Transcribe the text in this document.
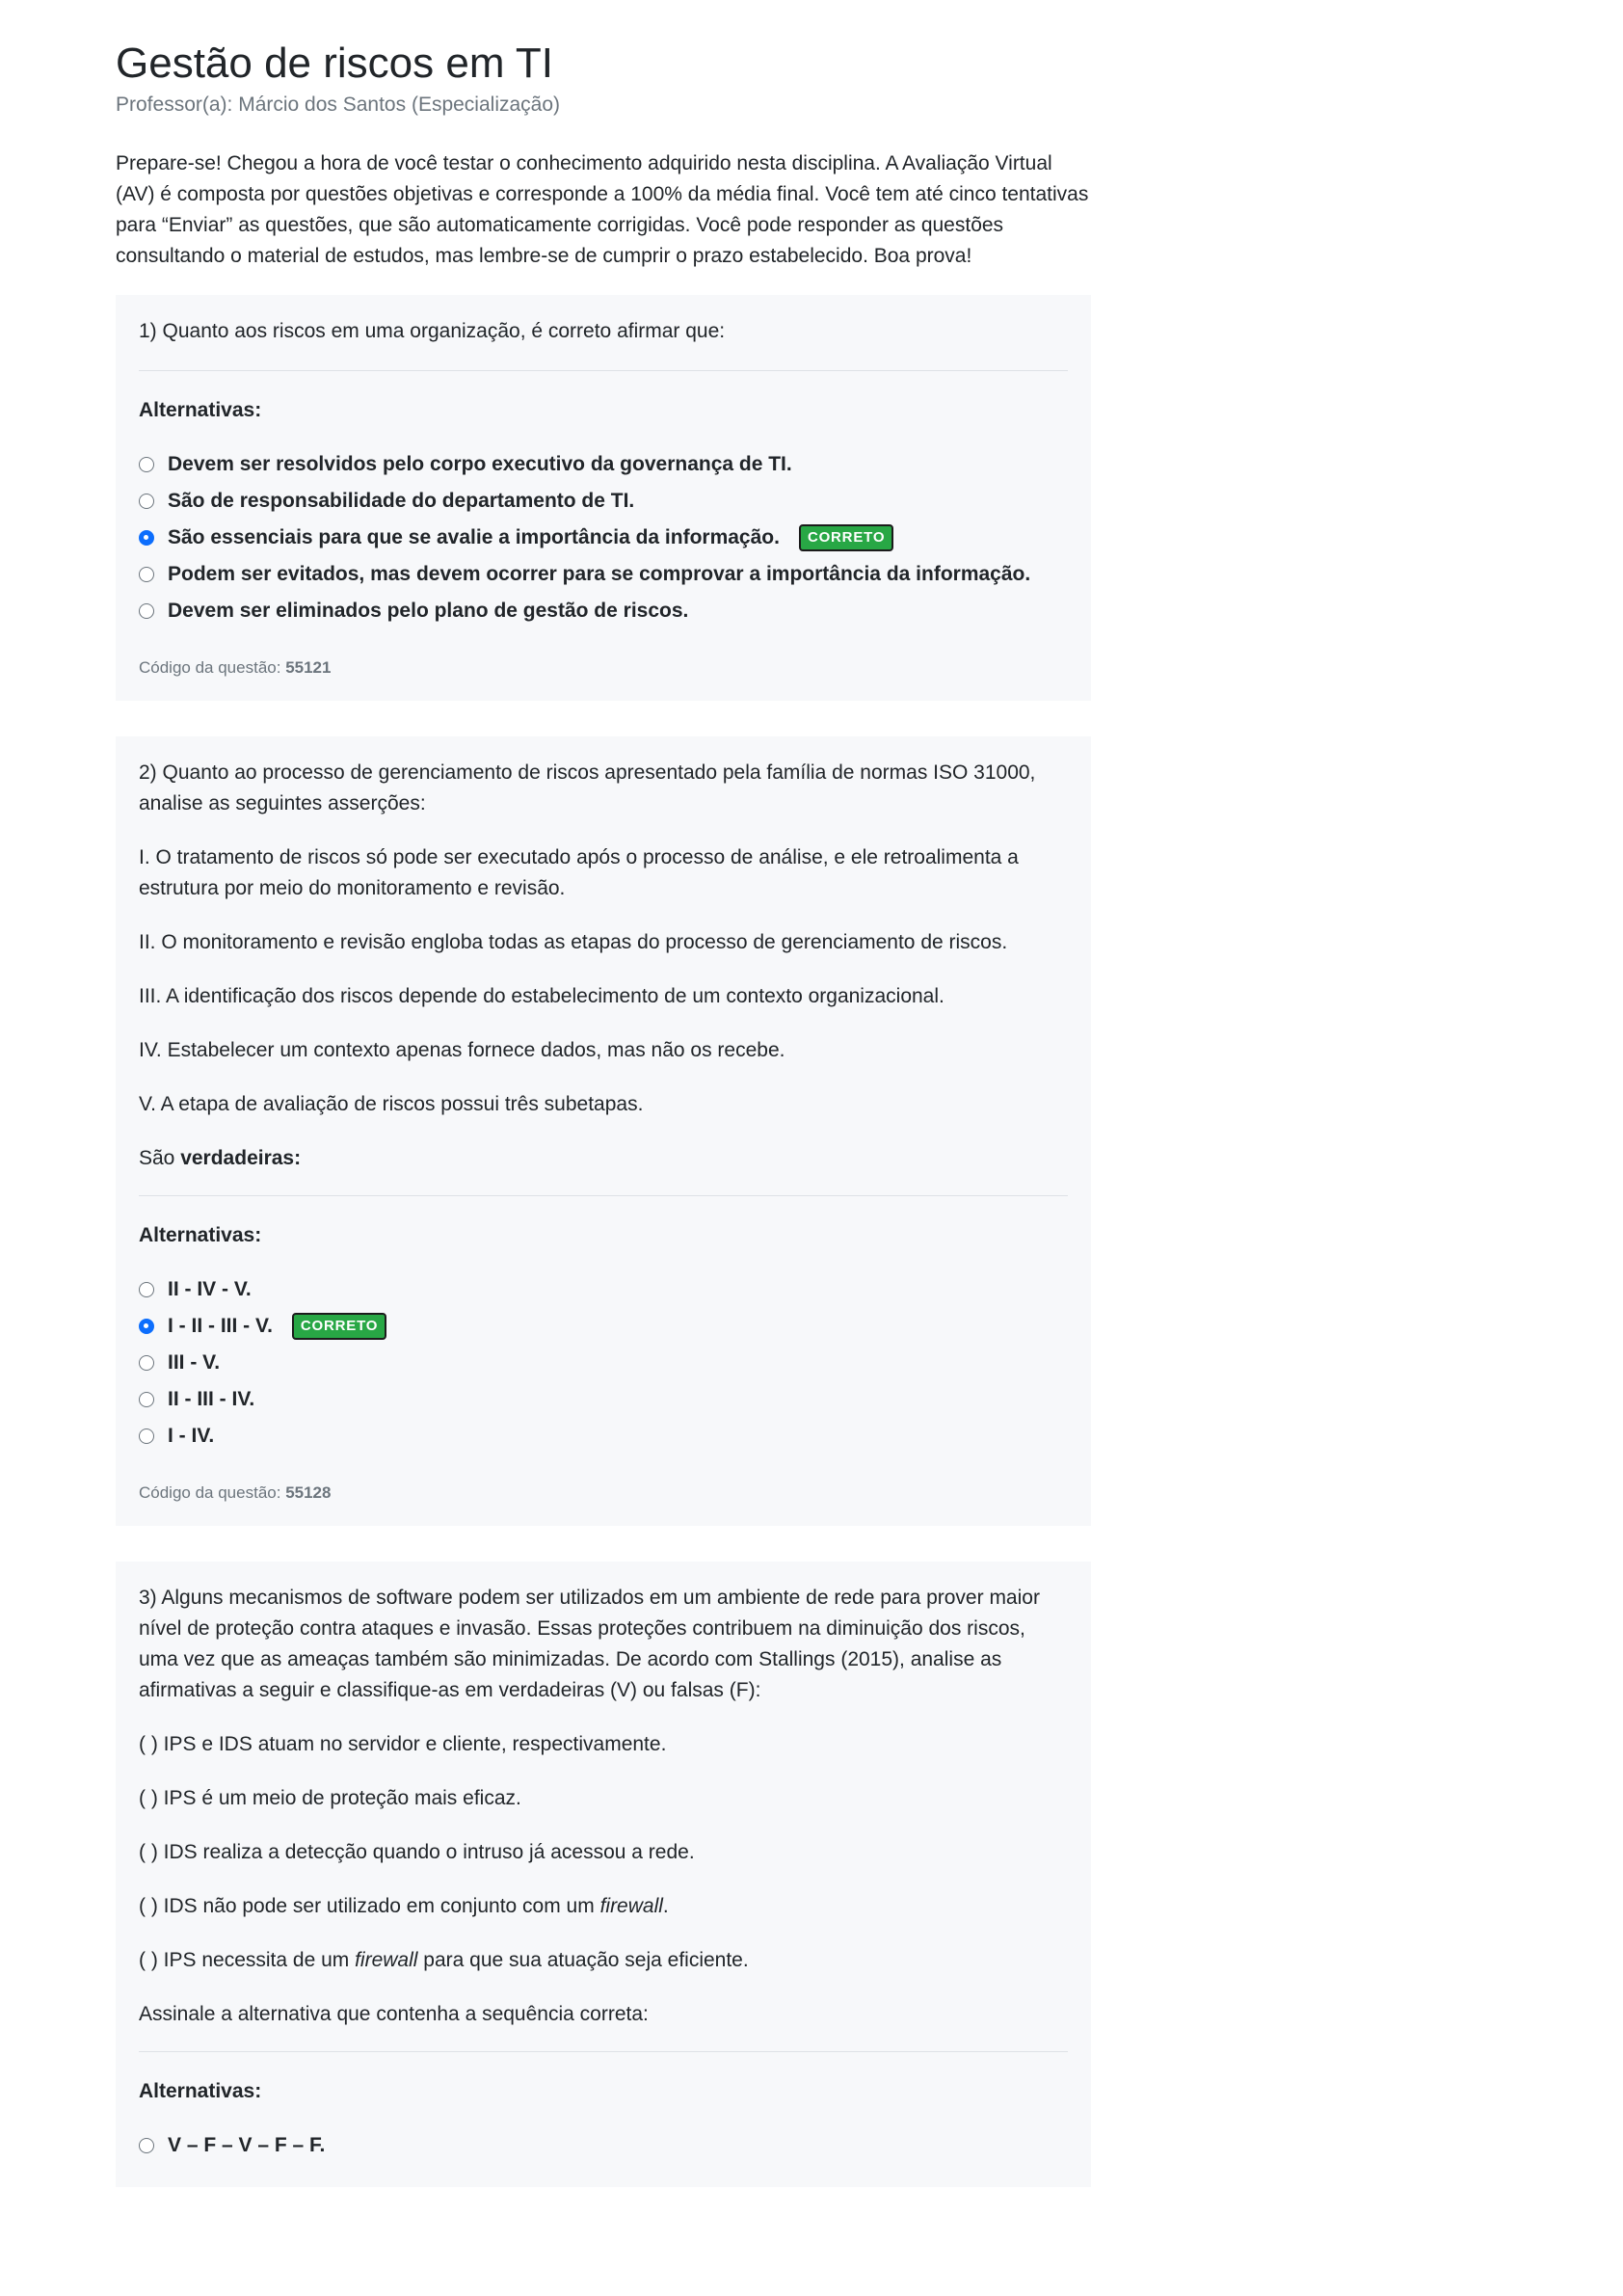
Gestão de riscos em TI

Professor(a): Márcio dos Santos (Especialização)

Prepare-se! Chegou a hora de você testar o conhecimento adquirido nesta disciplina. A Avaliação Virtual (AV) é composta por questões objetivas e corresponde a 100% da média final. Você tem até cinco tentativas para “Enviar” as questões, que são automaticamente corrigidas. Você pode responder as questões consultando o material de estudos, mas lembre-se de cumprir o prazo estabelecido. Boa prova!

1) Quanto aos riscos em uma organização, é correto afirmar que:

Alternativas:

Devem ser resolvidos pelo corpo executivo da governança de TI.
São de responsabilidade do departamento de TI.
São essenciais para que se avalie a importância da informação.	CORRETO
Podem ser evitados, mas devem ocorrer para se comprovar a importância da informação.
Devem ser eliminados pelo plano de gestão de riscos.

Código da questão: 55121

2) Quanto ao processo de gerenciamento de riscos apresentado pela família de normas ISO 31000, analise as seguintes asserções:

I. O tratamento de riscos só pode ser executado após o processo de análise, e ele retroalimenta a estrutura por meio do monitoramento e revisão.

II. O monitoramento e revisão engloba todas as etapas do processo de gerenciamento de riscos.

III. A identificação dos riscos depende do estabelecimento de um contexto organizacional.

IV. Estabelecer um contexto apenas fornece dados, mas não os recebe.

V. A etapa de avaliação de riscos possui três subetapas.

São verdadeiras:

Alternativas:

II - IV - V.
I - II - III - V.	CORRETO
III - V.
II - III - IV.
I - IV.

Código da questão: 55128

3) Alguns mecanismos de software podem ser utilizados em um ambiente de rede para prover maior nível de proteção contra ataques e invasão. Essas proteções contribuem na diminuição dos riscos, uma vez que as ameaças também são minimizadas. De acordo com Stallings (2015), analise as afirmativas a seguir e classifique-as em verdadeiras (V) ou falsas (F):

( ) IPS e IDS atuam no servidor e cliente, respectivamente.

( ) IPS é um meio de proteção mais eficaz.

( ) IDS realiza a detecção quando o intruso já acessou a rede.

( ) IDS não pode ser utilizado em conjunto com um firewall.

( ) IPS necessita de um firewall para que sua atuação seja eficiente.

Assinale a alternativa que contenha a sequência correta:

Alternativas:

V – F – V – F – F.
